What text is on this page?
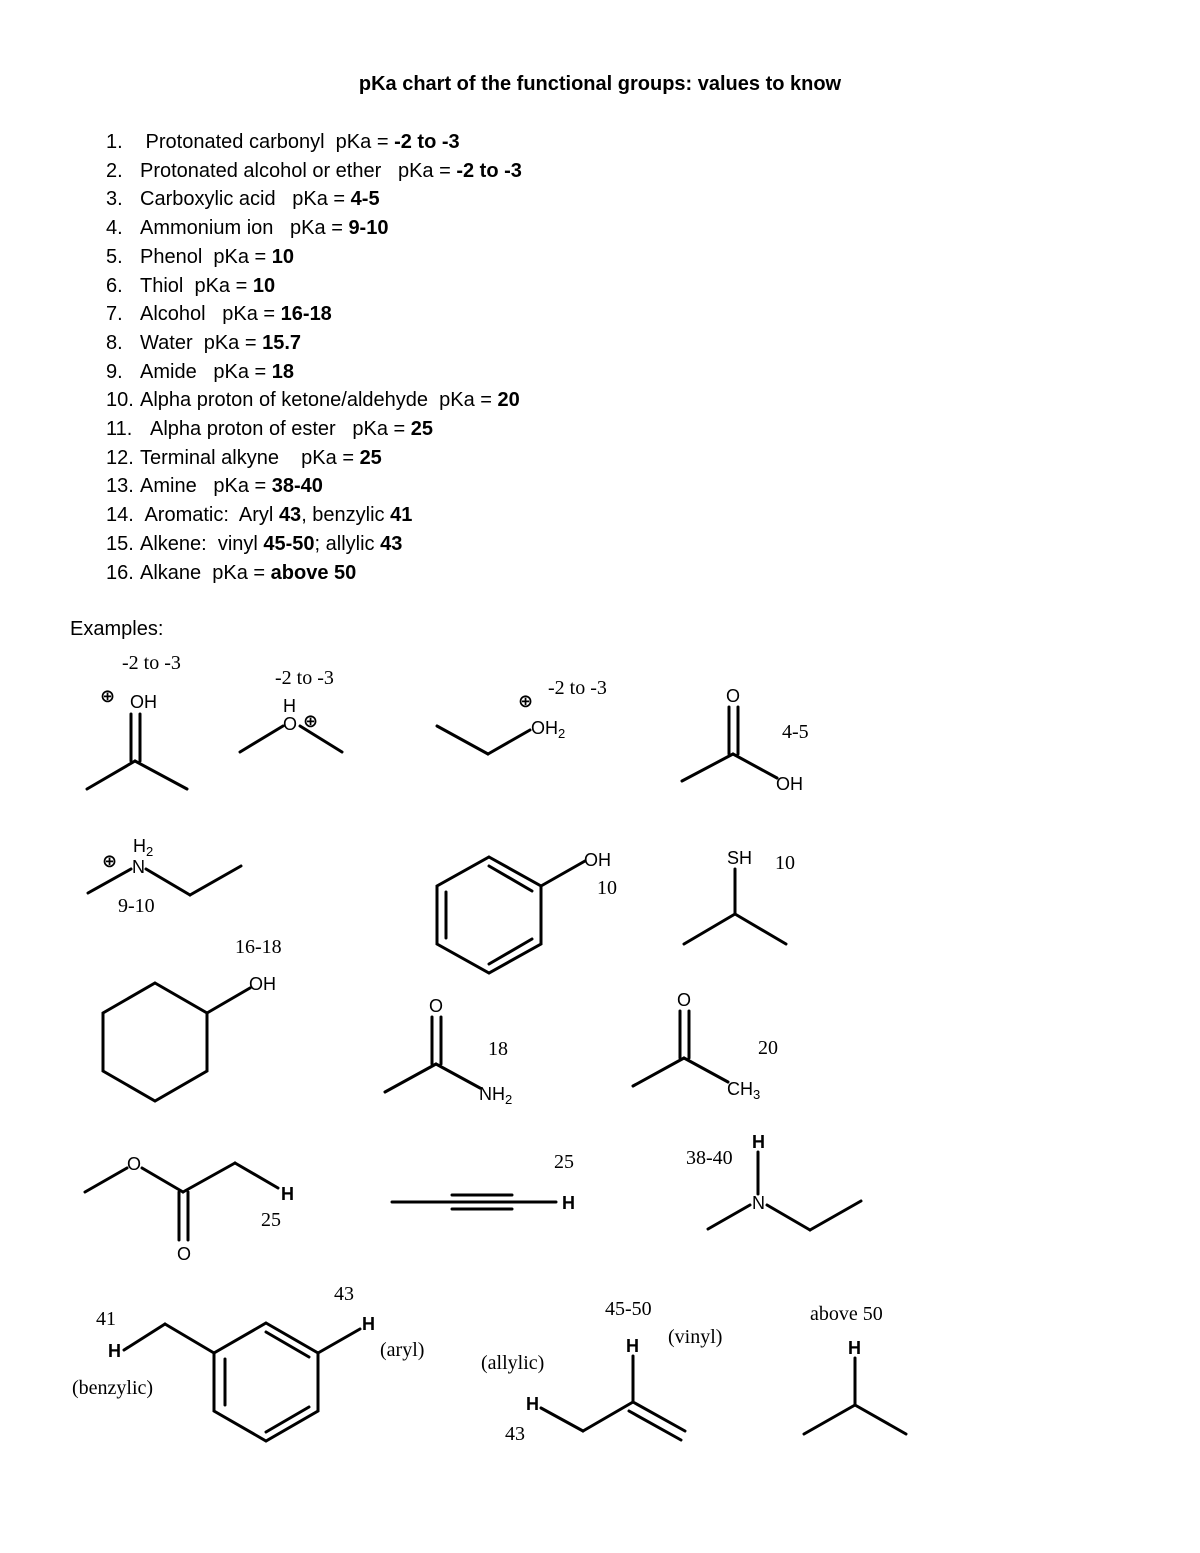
pKa chart of the functional groups: values to know
1. Protonated carbonyl  pKa = -2 to -3
2. Protonated alcohol or ether   pKa = -2 to -3
3. Carboxylic acid   pKa = 4-5
4. Ammonium ion   pKa = 9-10
5. Phenol  pKa = 10
6. Thiol  pKa = 10
7. Alcohol   pKa = 16-18
8. Water  pKa = 15.7
9. Amide   pKa = 18
10. Alpha proton of ketone/aldehyde  pKa = 20
11.  Alpha proton of ester   pKa = 25
12. Terminal alkyne    pKa = 25
13. Amine   pKa = 38-40
14. Aromatic:  Aryl 43, benzylic 41
15. Alkene:  vinyl 45-50; allylic 43
16. Alkane  pKa = above 50
Examples:
-2 to -3
⊕ OH
-2 to -3
H
O ⊕
-2 to -3
⊕
$OH_2$
O
OH
4-5
$H_2$
⊕ N
9-10
OH
10
SH 10
16-18
OH
O
$NH_2$
18
O
$CH_3$
20
O
H
O
25
25
H
38-40
H
N
41
H
(benzylic)
H
43
(aryl)
45-50
(vinyl)
H
H
(allylic)
43
above 50
H
